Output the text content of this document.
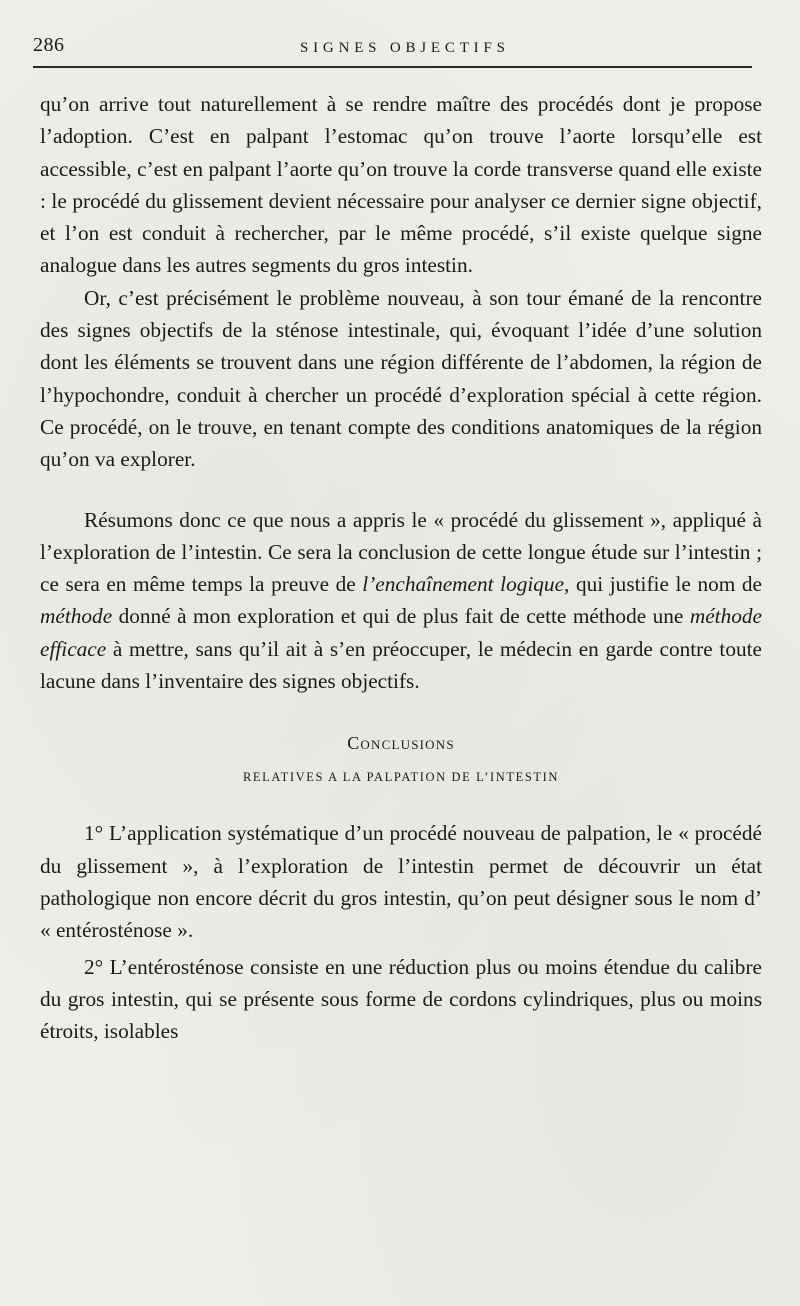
286	SIGNES OBJECTIFS

qu’on arrive tout naturellement à se rendre maître des procédés dont je propose l’adoption. C’est en palpant l’estomac qu’on trouve l’aorte lorsqu’elle est accessible, c’est en palpant l’aorte qu’on trouve la corde transverse quand elle existe : le procédé du glissement devient nécessaire pour analyser ce dernier signe objectif, et l’on est conduit à rechercher, par le même procédé, s’il existe quelque signe analogue dans les autres segments du gros intestin.

Or, c’est précisément le problème nouveau, à son tour émané de la rencontre des signes objectifs de la sténose intestinale, qui, évoquant l’idée d’une solution dont les éléments se trouvent dans une région différente de l’abdomen, la région de l’hypochondre, conduit à chercher un procédé d’exploration spécial à cette région. Ce procédé, on le trouve, en tenant compte des conditions anatomiques de la région qu’on va explorer.

Résumons donc ce que nous a appris le « procédé du glissement », appliqué à l’exploration de l’intestin. Ce sera la conclusion de cette longue étude sur l’intestin ; ce sera en même temps la preuve de l’enchaînement logique, qui justifie le nom de méthode donné à mon exploration et qui de plus fait de cette méthode une méthode efficace à mettre, sans qu’il ait à s’en préoccuper, le médecin en garde contre toute lacune dans l’inventaire des signes objectifs.

Conclusions
RELATIVES A LA PALPATION DE L’INTESTIN

1° L’application systématique d’un procédé nouveau de palpation, le « procédé du glissement », à l’exploration de l’intestin permet de découvrir un état pathologique non encore décrit du gros intestin, qu’on peut désigner sous le nom d’ « entérosténose ».

2° L’entérosténose consiste en une réduction plus ou moins étendue du calibre du gros intestin, qui se présente sous forme de cordons cylindriques, plus ou moins étroits, isolables
